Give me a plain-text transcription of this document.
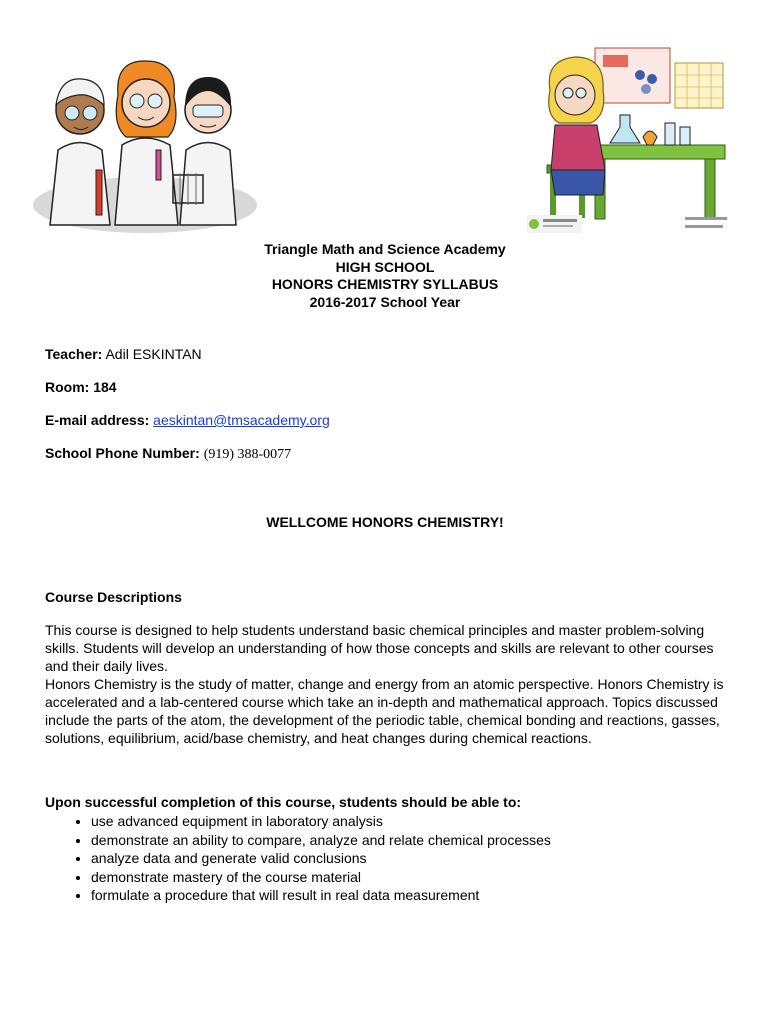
Triangle Math and Science Academy
HIGH SCHOOL
HONORS CHEMISTRY SYLLABUS
2016-2017 School Year
Teacher: Adil ESKINTAN
Room: 184
E-mail address: aeskintan@tmsacademy.org
School Phone Number: (919) 388-0077
WELLCOME HONORS CHEMISTRY!
Course Descriptions
This course is designed to help students understand basic chemical principles and master problem-solving skills. Students will develop an understanding of how those concepts and skills are relevant to other courses and their daily lives.
Honors Chemistry is the study of matter, change and energy from an atomic perspective. Honors Chemistry is accelerated and a lab-centered course which take an in-depth and mathematical approach. Topics discussed include the parts of the atom, the development of the periodic table, chemical bonding and reactions, gasses, solutions, equilibrium, acid/base chemistry, and heat changes during chemical reactions.
Upon successful completion of this course, students should be able to:
• use advanced equipment in laboratory analysis
• demonstrate an ability to compare, analyze and relate chemical processes
• analyze data and generate valid conclusions
• demonstrate mastery of the course material
• formulate a procedure that will result in real data measurement
